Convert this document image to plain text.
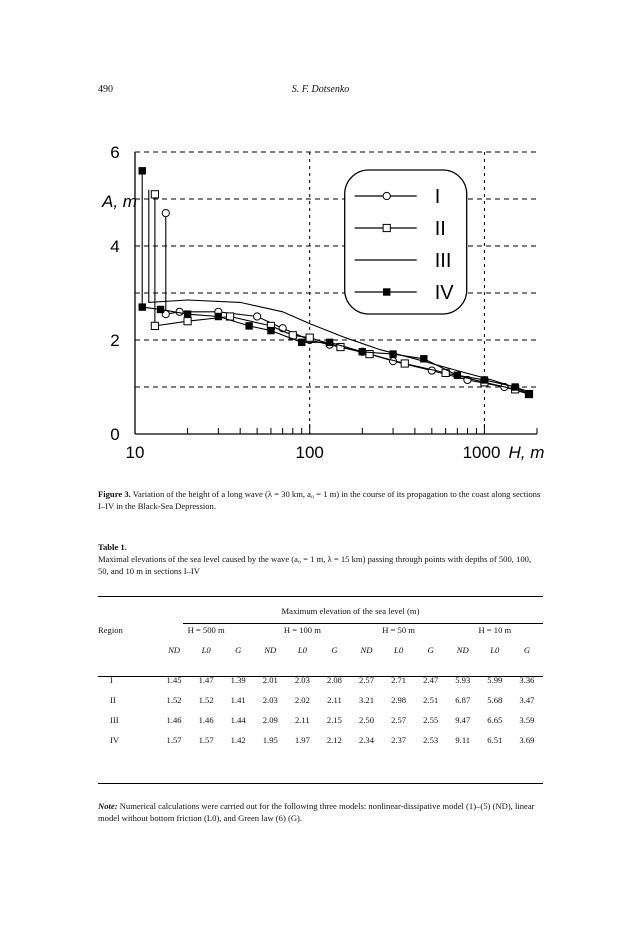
490	S. F. Dotsenko
6
4
2
0
10	100	1000
A, m
H, m
I
II
III
IV
Figure 3. Variation of the height of a long wave (λ = 30 km, a₀ = 1 m) in the course of its propagation to the coast along sections I–IV in the Black-Sea Depression.
Table 1.
Maximal elevations of the sea level caused by the wave (a₀ = 1 m, λ = 15 km) passing through points with depths of 500, 100, 50, and 10 m in sections I–IV
	Maximum elevation of the sea level (m)											
Region	H = 500 m			H = 100 m			H = 50 m			H = 10 m		
	ND	L0	G	ND	L0	G	ND	L0	G	ND	L0	G

I	1.45	1.47	1.39	2.01	2.03	2.08	2.57	2.71	2.47	5.93	5.99	3.36
II	1.52	1.52	1.41	2.03	2.02	2.11	3.21	2.98	2.51	6.87	5.68	3.47
III	1.46	1.46	1.44	2.09	2.11	2.15	2.50	2.57	2.55	9.47	6.65	3.59
IV	1.57	1.57	1.42	1.95	1.97	2.12	2.34	2.37	2.53	9.11	6.51	3.69
Note: Numerical calculations were carried out for the following three models: nonlinear-dissipative model (1)–(5) (ND), linear model without bottom friction (L0), and Green law (6) (G).
